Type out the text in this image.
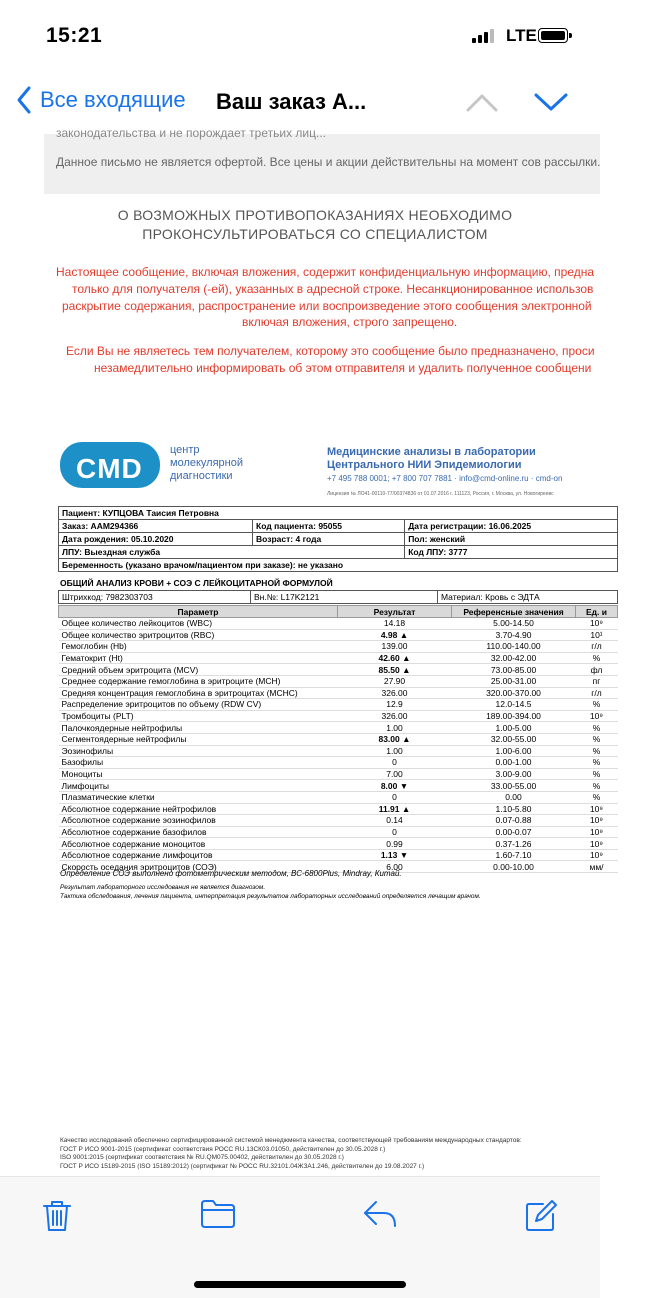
15:21	LTE
Все входящие Ваш заказ А...
законодательства и не порождает третьих лиц...
Данное письмо не является офертой. Все цены и акции действительны на момент сов рассылки.
О ВОЗМОЖНЫХ ПРОТИВОПОКАЗАНИЯХ НЕОБХОДИМО ПРОКОНСУЛЬТИРОВАТЬСЯ СО СПЕЦИАЛИСТОМ
Настоящее сообщение, включая вложения, содержит конфиденциальную информацию, предна
только для получателя (-ей), указанных в адресной строке. Несанкционированное использов
раскрытие содержания, распространение или воспроизведение этого сообщения электронной
включая вложения, строго запрещено.
Если Вы не являетесь тем получателем, которому это сообщение было предназначено, проси
незамедлительно информировать об этом отправителя и удалить полученное сообщени
CMD
центр
молекулярной
диагностики
Медицинские анализы в лаборатории
Центрального НИИ Эпидемиологии
+7 495 788 0001; +7 800 707 7881 · info@cmd-online.ru · cmd-on
Лицензия № ЛО41-00110-77/00374836 от 01.07.2016 г. 111123, Россия, г. Москва, ул. Новогиреевс
Пациент: КУПЦОВА Таисия Петровна		
Заказ: ААМ294366	Код пациента: 95055	Дата регистрации: 16.06.2025
Дата рождения: 05.10.2020	Возраст: 4 года	Пол: женский
ЛПУ: Выездная служба		Код ЛПУ: 3777
Беременность (указано врачом/пациентом при заказе): не указано		
ОБЩИЙ АНАЛИЗ КРОВИ + СОЭ С ЛЕЙКОЦИТАРНОЙ ФОРМУЛОЙ
Штрихкод: 7982303703	Вн.№: L17K2121	Материал: Кровь с ЭДТА
Параметр	Результат	Референсные значения	Ед. и
Общее количество лейкоцитов (WBC)	14.18	5.00-14.50	10⁹
Общее количество эритроцитов (RBC)	4.98 ▲	3.70-4.90	10¹
Гемоглобин (Hb)	139.00	110.00-140.00	г/л
Гематокрит (Ht)	42.60 ▲	32.00-42.00	%
Средний объем эритроцита (MCV)	85.50 ▲	73.00-85.00	фл
Среднее содержание гемоглобина в эритроците (MCH)	27.90	25.00-31.00	пг
Средняя концентрация гемоглобина в эритроцитах (MCHC)	326.00	320.00-370.00	г/л
Распределение эритроцитов по объему (RDW CV)	12.9	12.0-14.5	%
Тромбоциты (PLT)	326.00	189.00-394.00	10⁹
Палочкоядерные нейтрофилы	1.00	1.00-5.00	%
Сегментоядерные нейтрофилы	83.00 ▲	32.00-55.00	%
Эозинофилы	1.00	1.00-6.00	%
Базофилы	0	0.00-1.00	%
Моноциты	7.00	3.00-9.00	%
Лимфоциты	8.00 ▼	33.00-55.00	%
Плазматические клетки	0	0.00	%
Абсолютное содержание нейтрофилов	11.91 ▲	1.10-5.80	10⁹
Абсолютное содержание эозинофилов	0.14	0.07-0.88	10⁹
Абсолютное содержание базофилов	0	0.00-0.07	10⁹
Абсолютное содержание моноцитов	0.99	0.37-1.26	10⁹
Абсолютное содержание лимфоцитов	1.13 ▼	1.60-7.10	10⁹
Скорость оседания эритроцитов (СОЭ)	6.00	0.00-10.00	мм/
Определение СОЭ выполнено фотометрическим методом, ВС-6800Plus, Mindray, Китай.
Результат лабораторного исследования не является диагнозом.
Тактика обследования, лечения пациента, интерпретация результатов лабораторных исследований определяется лечащим врачом.
Качество исследований обеспечено сертифицированной системой менеджмента качества, соответствующей требованиям международных стандартов:
ГОСТ Р ИСО 9001-2015 (сертификат соответствия РОСС RU.13СК03.01050, действителен до 30.05.2028 г.)
ISO 9001:2015 (сертификат соответствия № RU.QM075.00402, действителен до 30.05.2028 г.)
ГОСТ Р ИСО 15189-2015 (ISO 15189:2012) (сертификат № РОСС RU.32101.04ЖЗА1.246, действителен до 19.08.2027 г.)
